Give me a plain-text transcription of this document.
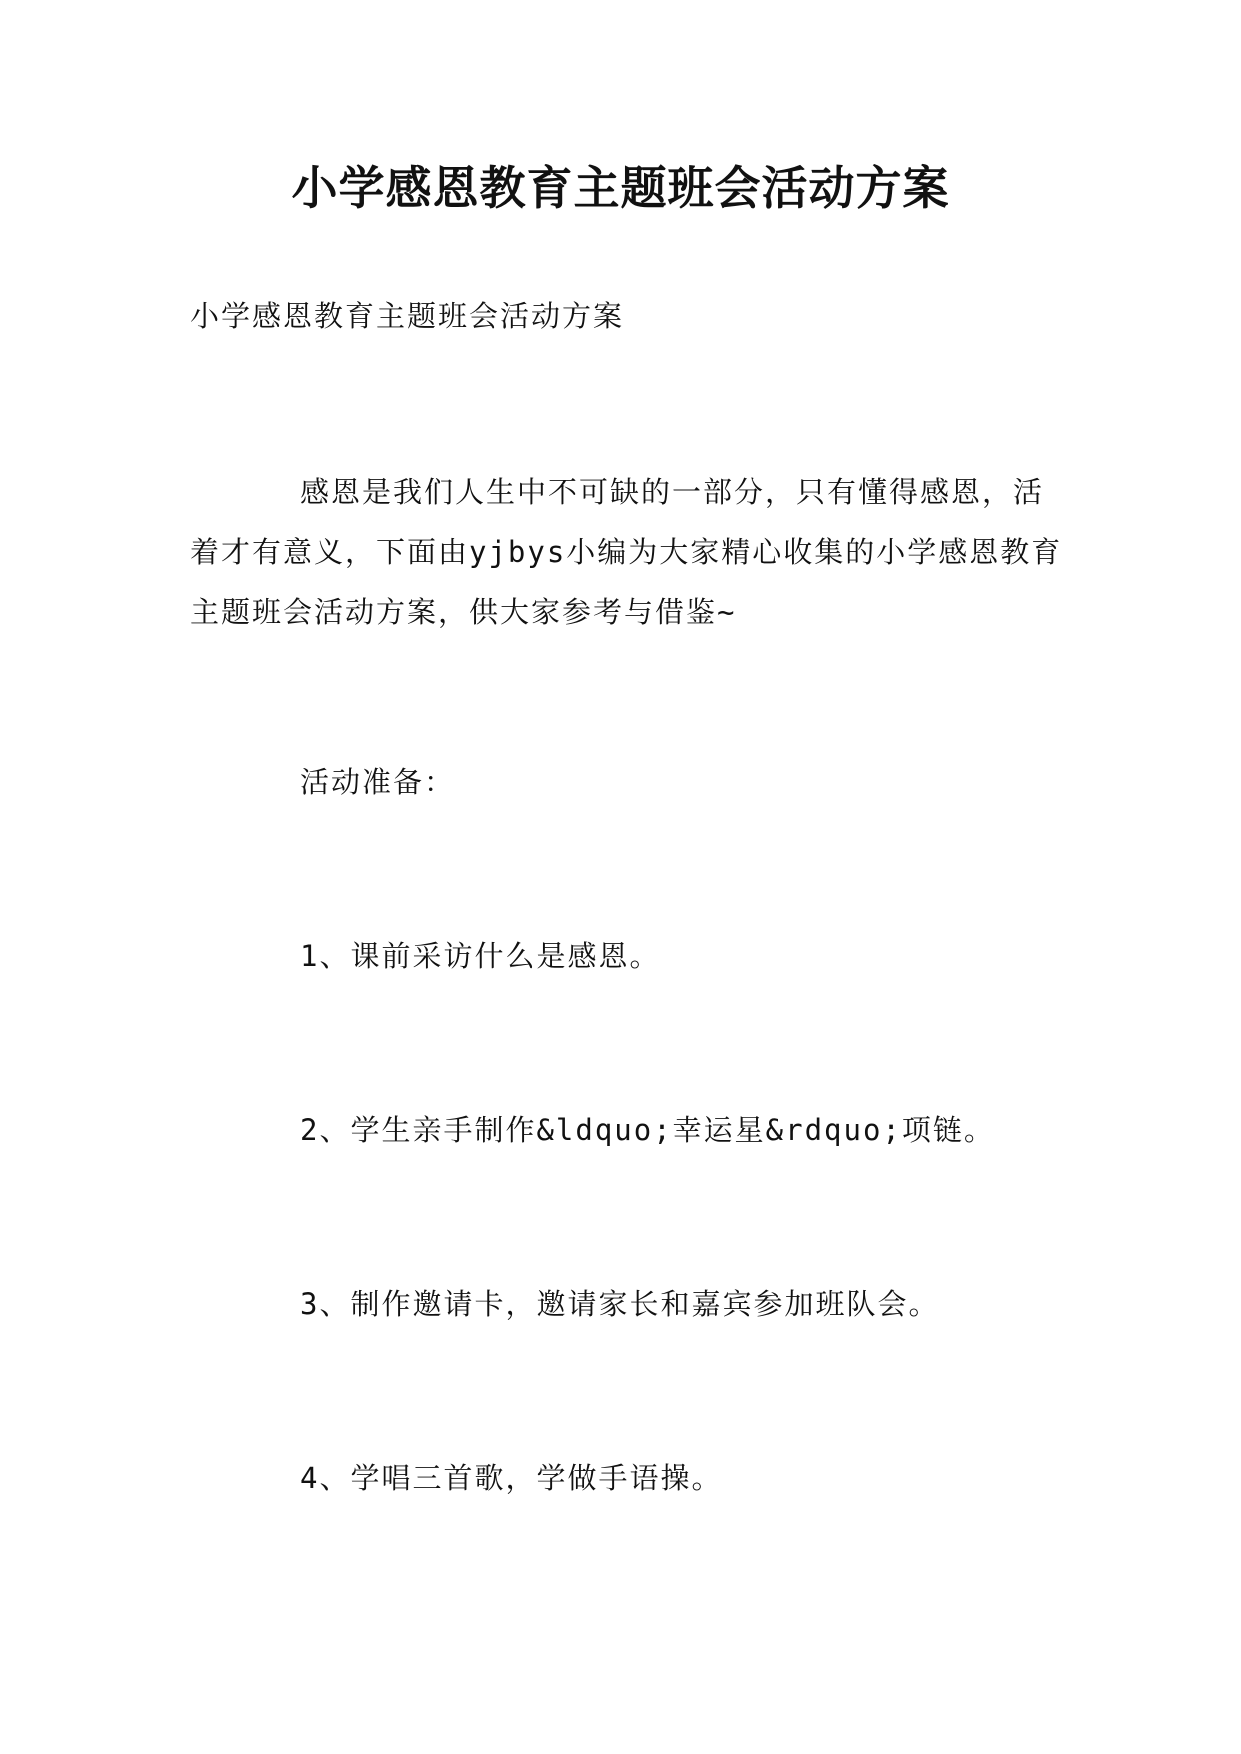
小学感恩教育主题班会活动方案

小学感恩教育主题班会活动方案

感恩是我们人生中不可缺的一部分，只有懂得感恩，活着才有意义，下面由yjbys小编为大家精心收集的小学感恩教育主题班会活动方案，供大家参考与借鉴~

活动准备：

1、课前采访什么是感恩。

2、学生亲手制作&ldquo;幸运星&rdquo;项链。

3、制作邀请卡，邀请家长和嘉宾参加班队会。

4、学唱三首歌，学做手语操。
